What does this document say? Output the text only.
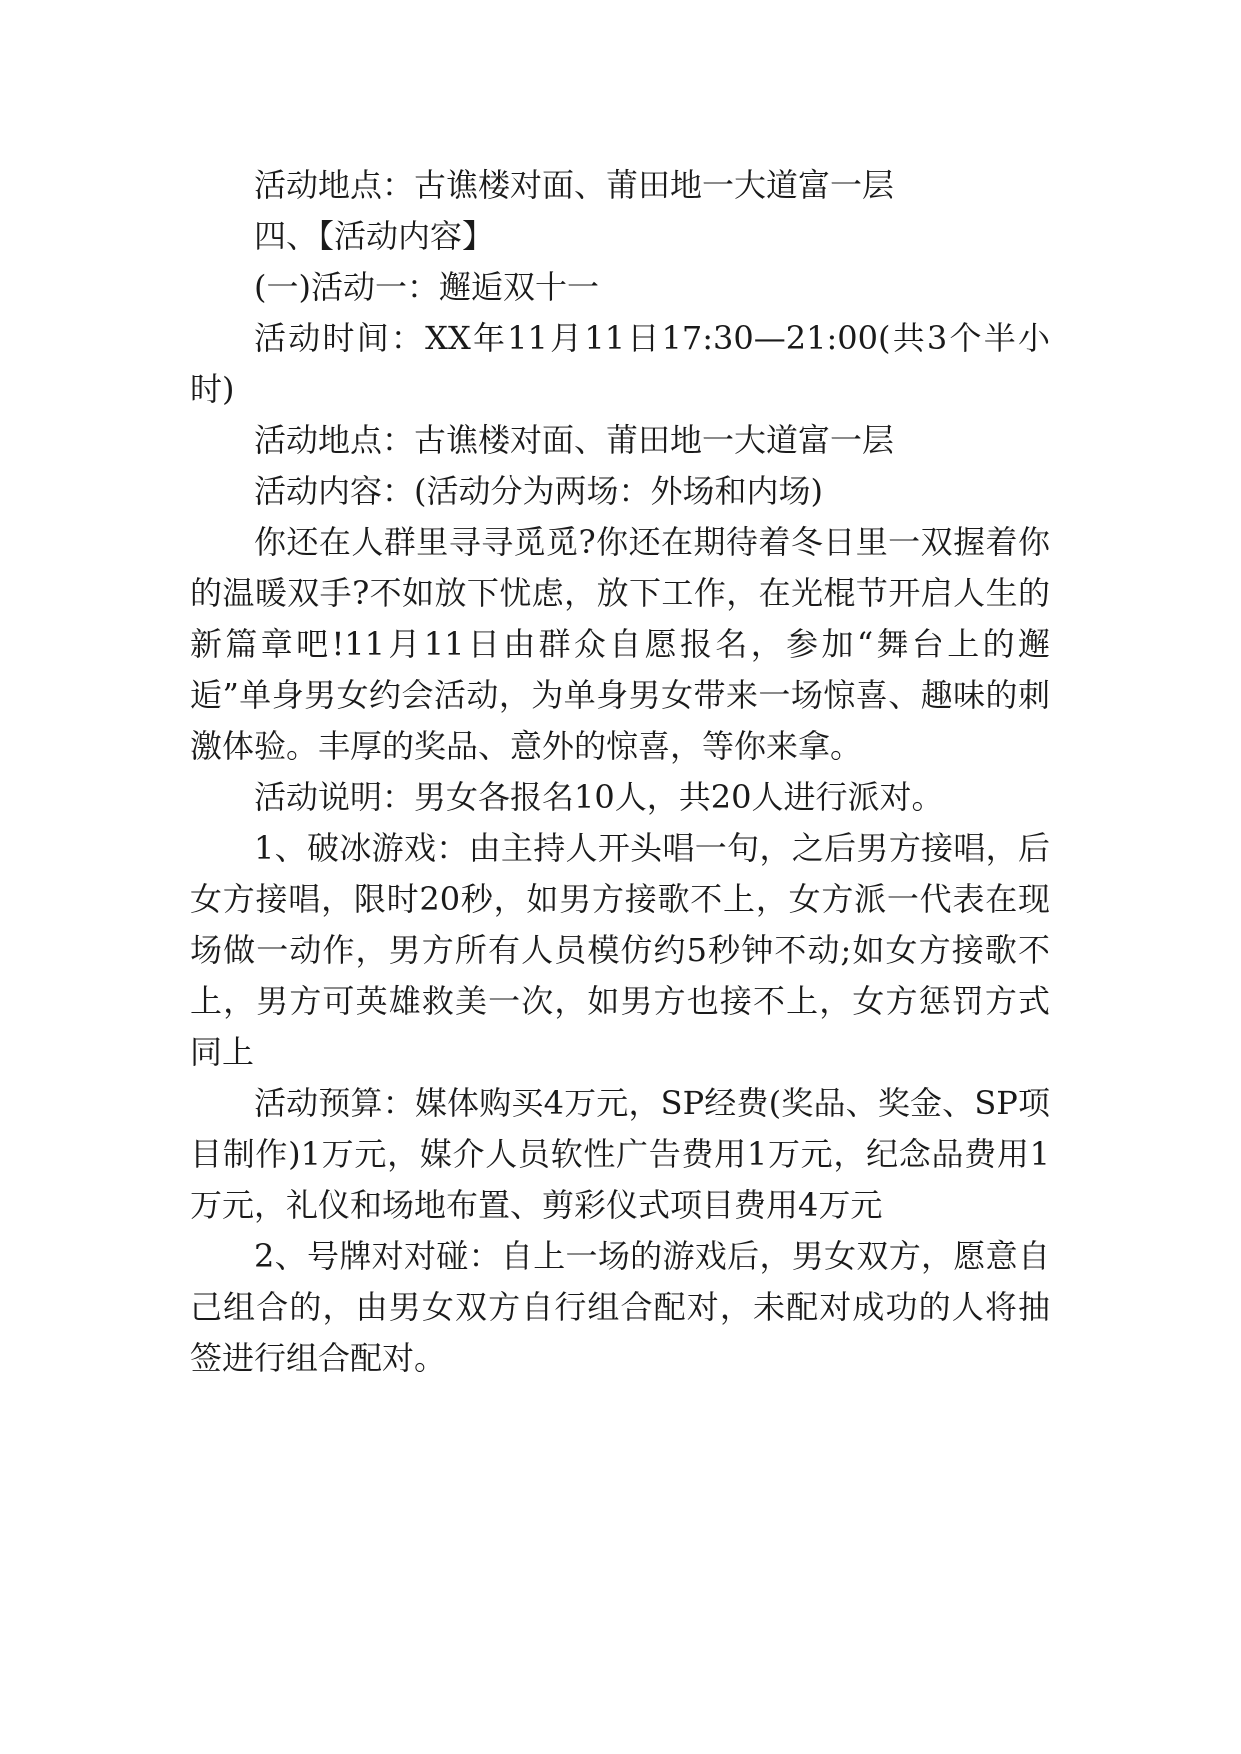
活动地点：古谯楼对面、莆田地一大道富一层

四、【活动内容】

(一)活动一：邂逅双十一

活动时间：XX年11月11日17:30—21:00(共3个半小时)

活动地点：古谯楼对面、莆田地一大道富一层

活动内容：(活动分为两场：外场和内场)

你还在人群里寻寻觅觅?你还在期待着冬日里一双握着你的温暖双手?不如放下忧虑，放下工作，在光棍节开启人生的新篇章吧!11月11日由群众自愿报名，参加“舞台上的邂逅”单身男女约会活动，为单身男女带来一场惊喜、趣味的刺激体验。丰厚的奖品、意外的惊喜，等你来拿。

活动说明：男女各报名10人，共20人进行派对。

1、破冰游戏：由主持人开头唱一句，之后男方接唱，后女方接唱，限时20秒，如男方接歌不上，女方派一代表在现场做一动作，男方所有人员模仿约5秒钟不动;如女方接歌不上，男方可英雄救美一次，如男方也接不上，女方惩罚方式同上

活动预算：媒体购买4万元，SP经费(奖品、奖金、SP项目制作)1万元，媒介人员软性广告费用1万元，纪念品费用1万元，礼仪和场地布置、剪彩仪式项目费用4万元

2、号牌对对碰：自上一场的游戏后，男女双方，愿意自己组合的，由男女双方自行组合配对，未配对成功的人将抽签进行组合配对。
